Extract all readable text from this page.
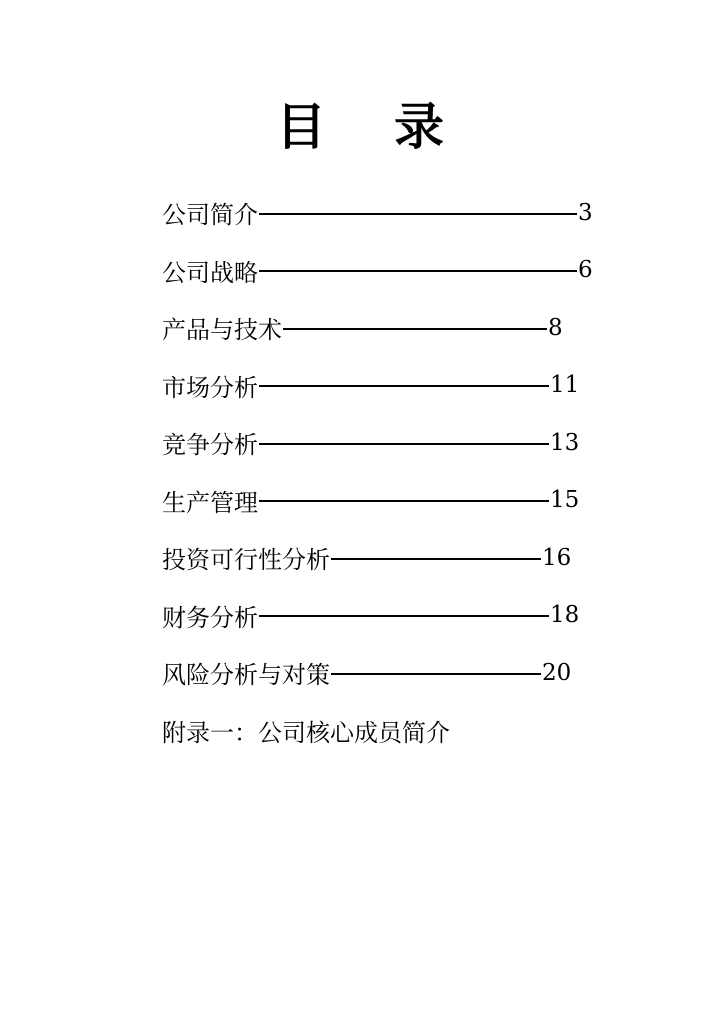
目 录
公司简介	3
公司战略	6
产品与技术	8
市场分析	11
竞争分析	13
生产管理	15
投资可行性分析	16
财务分析	18
风险分析与对策	20
附录一：公司核心成员简介
